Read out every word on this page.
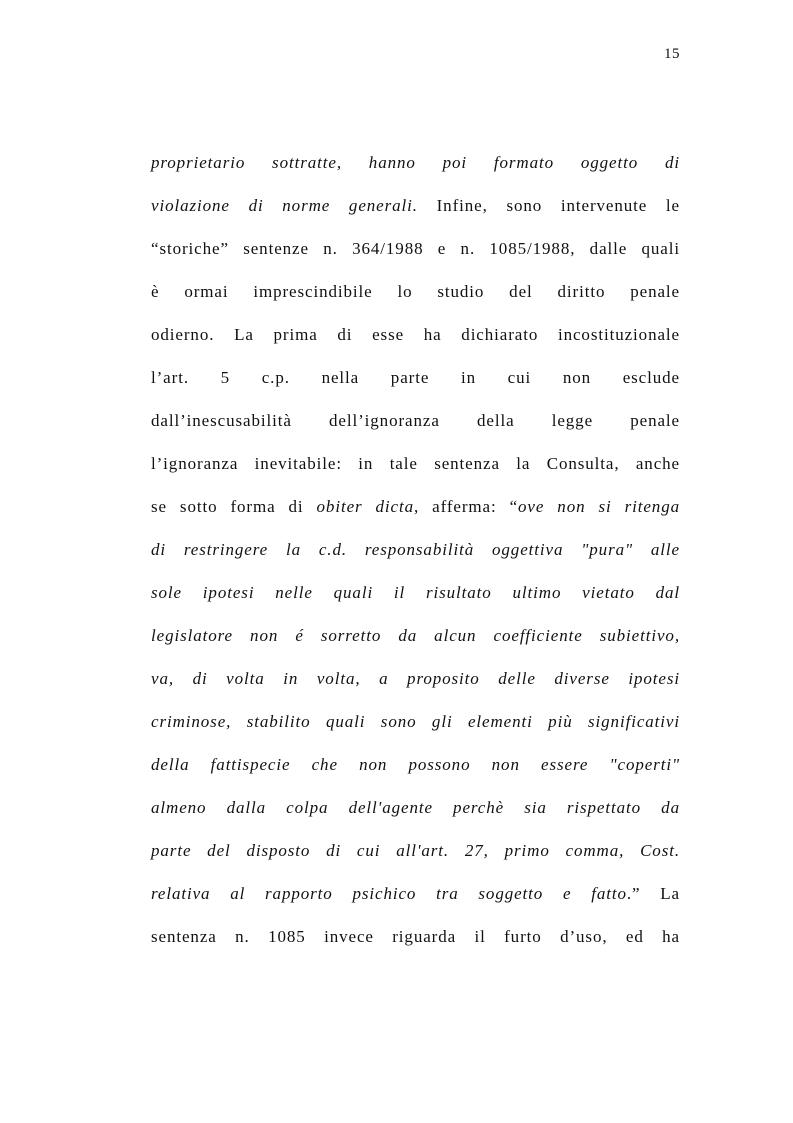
15
proprietario sottratte, hanno poi formato oggetto di
violazione di norme generali. Infine, sono intervenute le
“storiche” sentenze n. 364/1988 e n. 1085/1988, dalle quali
è ormai imprescindibile lo studio del diritto penale
odierno. La prima di esse ha dichiarato incostituzionale
l’art. 5 c.p. nella parte in cui non esclude
dall’inescusabilità dell’ignoranza della legge penale
l’ignoranza inevitabile: in tale sentenza la Consulta, anche
se sotto forma di obiter dicta, afferma: “ove non si ritenga
di restringere la c.d. responsabilità oggettiva "pura" alle
sole ipotesi nelle quali il risultato ultimo vietato dal
legislatore non é sorretto da alcun coefficiente subiettivo,
va, di volta in volta, a proposito delle diverse ipotesi
criminose, stabilito quali sono gli elementi più significativi
della fattispecie che non possono non essere "coperti"
almeno dalla colpa dell'agente perchè sia rispettato da
parte del disposto di cui all'art. 27, primo comma, Cost.
relativa al rapporto psichico tra soggetto e fatto.” La
sentenza n. 1085 invece riguarda il furto d’uso, ed ha
